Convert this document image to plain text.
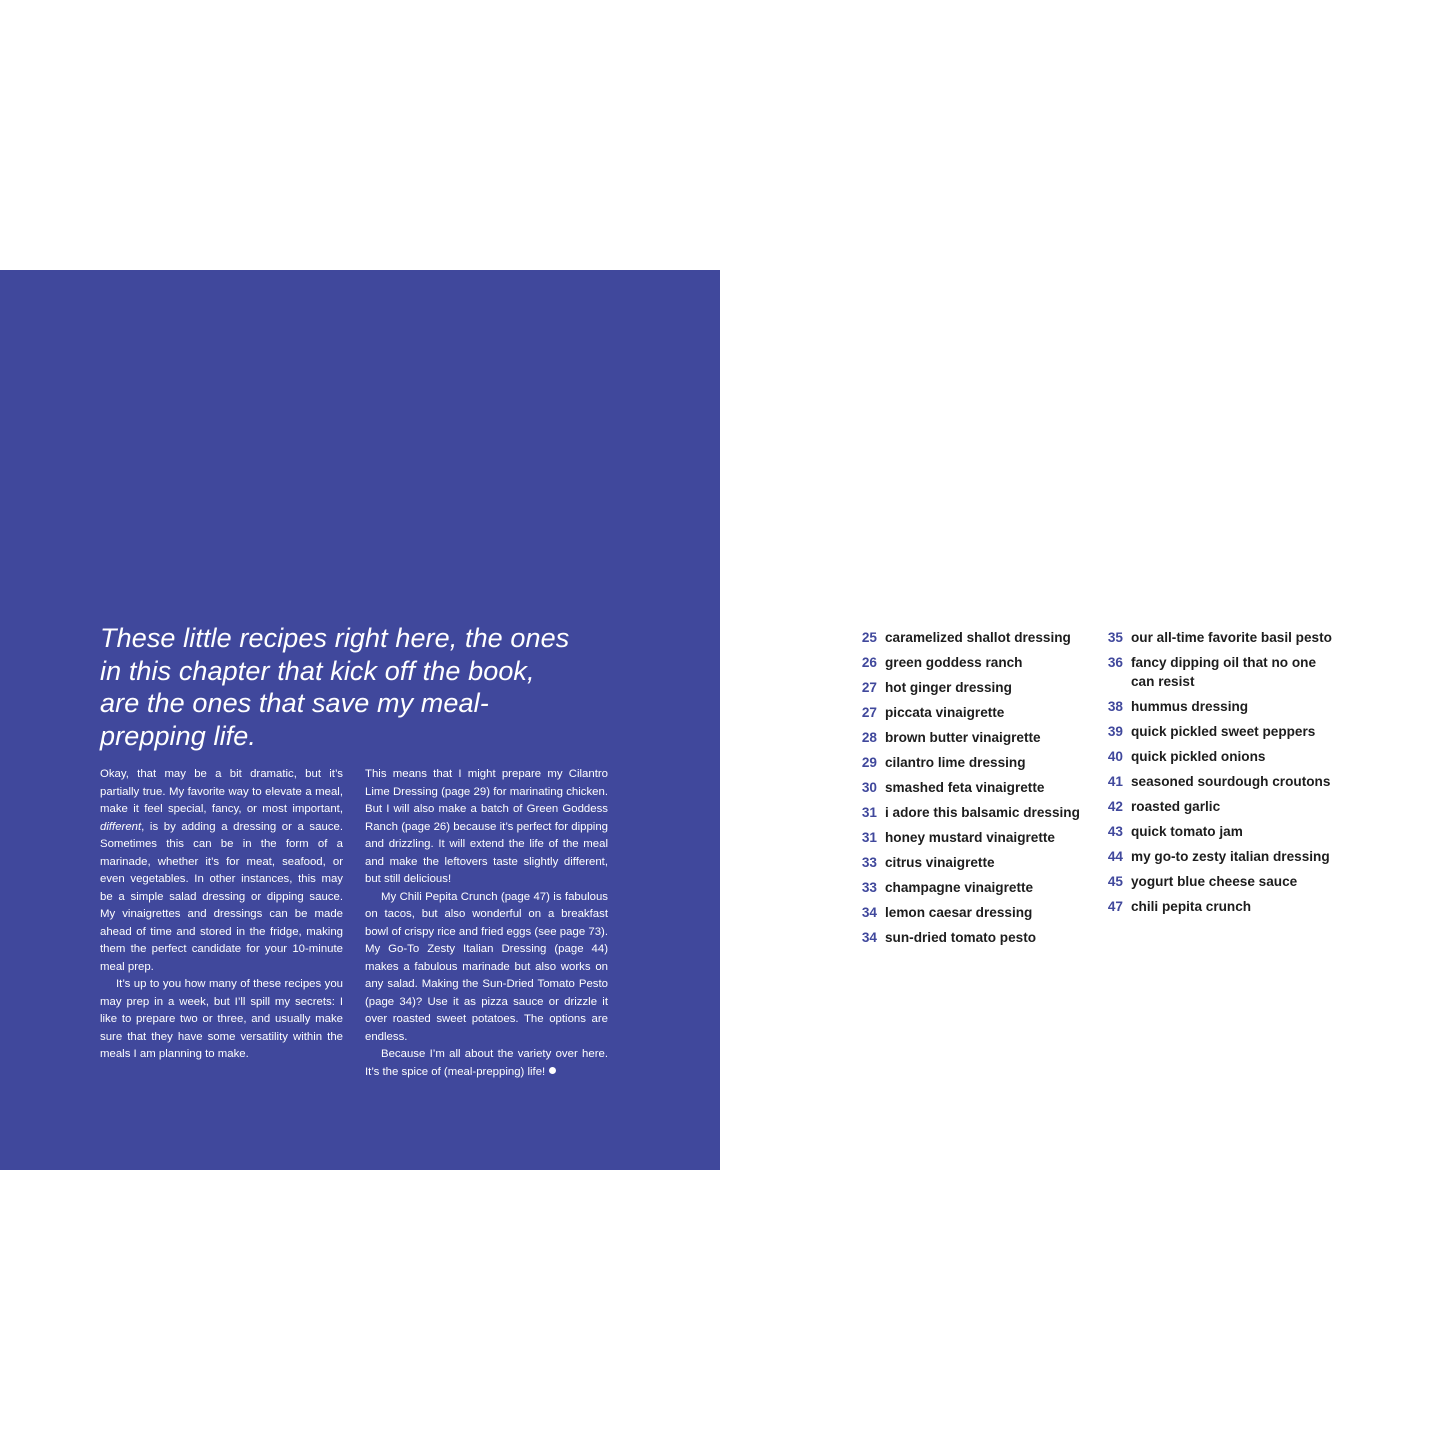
These little recipes right here, the ones in this chapter that kick off the book, are the ones that save my meal-prepping life.

Okay, that may be a bit dramatic, but it’s partially true. My favorite way to elevate a meal, make it feel special, fancy, or most important, different, is by adding a dressing or a sauce. Sometimes this can be in the form of a marinade, whether it’s for meat, seafood, or even vegetables. In other instances, this may be a simple salad dressing or dipping sauce. My vinaigrettes and dressings can be made ahead of time and stored in the fridge, making them the perfect candidate for your 10-minute meal prep.

It’s up to you how many of these recipes you may prep in a week, but I’ll spill my secrets: I like to prepare two or three, and usually make sure that they have some versatility within the meals I am planning to make.

This means that I might prepare my Cilantro Lime Dressing (page 29) for marinating chicken. But I will also make a batch of Green Goddess Ranch (page 26) because it’s perfect for dipping and drizzling. It will extend the life of the meal and make the leftovers taste slightly different, but still delicious!

My Chili Pepita Crunch (page 47) is fabulous on tacos, but also wonderful on a breakfast bowl of crispy rice and fried eggs (see page 73). My Go-To Zesty Italian Dressing (page 44) makes a fabulous marinade but also works on any salad. Making the Sun-Dried Tomato Pesto (page 34)? Use it as pizza sauce or drizzle it over roasted sweet potatoes. The options are endless.

Because I’m all about the variety over here. It’s the spice of (meal-prepping) life!

25 caramelized shallot dressing
26 green goddess ranch
27 hot ginger dressing
27 piccata vinaigrette
28 brown butter vinaigrette
29 cilantro lime dressing
30 smashed feta vinaigrette
31 i adore this balsamic dressing
31 honey mustard vinaigrette
33 citrus vinaigrette
33 champagne vinaigrette
34 lemon caesar dressing
34 sun-dried tomato pesto
35 our all-time favorite basil pesto
36 fancy dipping oil that no one can resist
38 hummus dressing
39 quick pickled sweet peppers
40 quick pickled onions
41 seasoned sourdough croutons
42 roasted garlic
43 quick tomato jam
44 my go-to zesty italian dressing
45 yogurt blue cheese sauce
47 chili pepita crunch
